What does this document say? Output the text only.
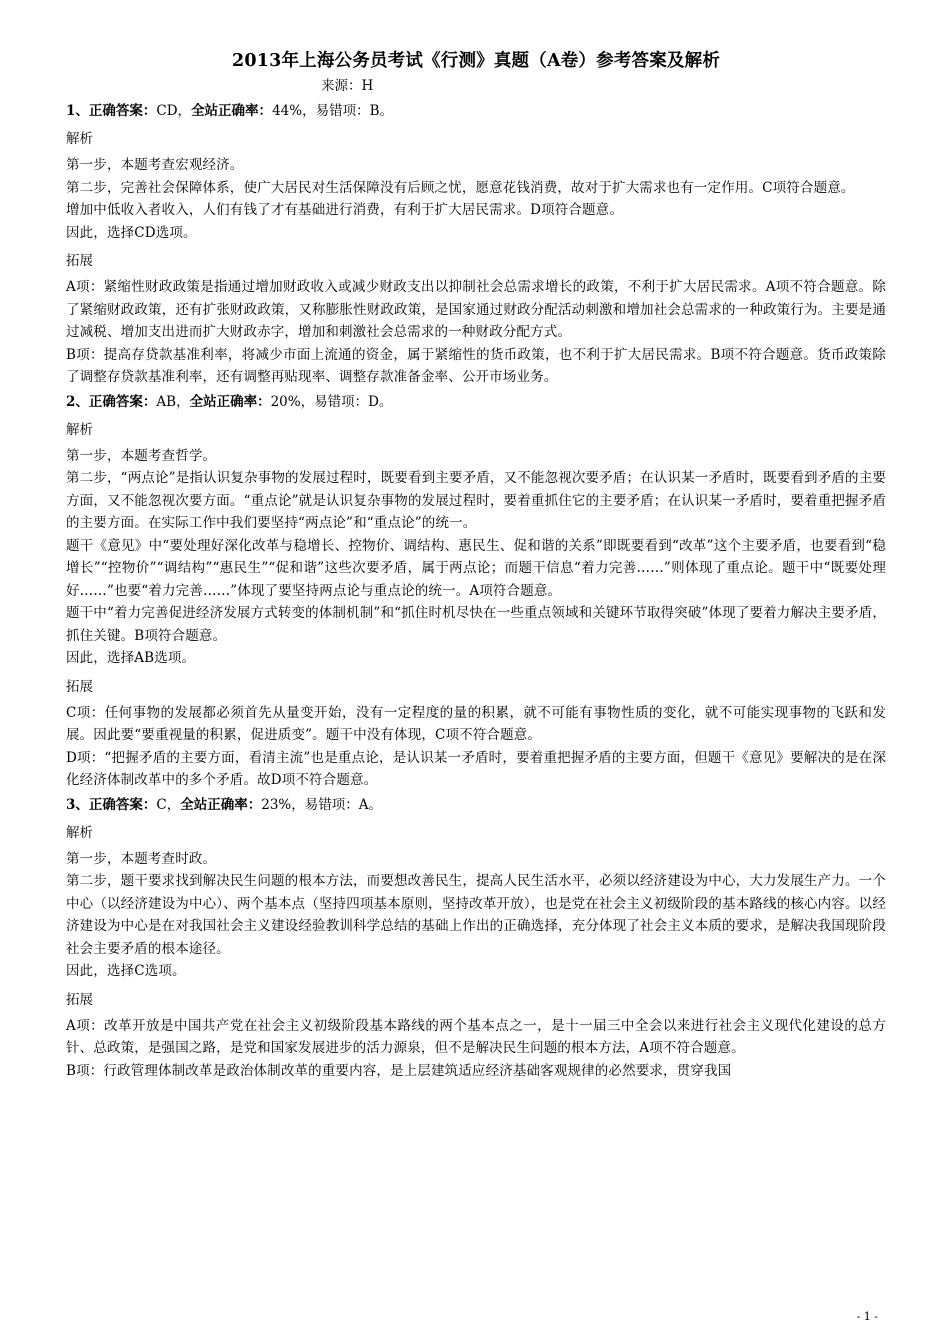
2013年上海公务员考试《行测》真题（A卷）参考答案及解析
来源：H
1、正确答案：CD，全站正确率：44%，易错项：B。
解析

第一步，本题考查宏观经济。

第二步，完善社会保障体系，使广大居民对生活保障没有后顾之忧，愿意花钱消费，故对于扩大需求也有一定作用。C项符合题意。

增加中低收入者收入，人们有钱了才有基础进行消费，有利于扩大居民需求。D项符合题意。

因此，选择CD选项。

拓展

A项：紧缩性财政政策是指通过增加财政收入或减少财政支出以抑制社会总需求增长的政策，不利于扩大居民需求。A项不符合题意。除了紧缩财政政策，还有扩张财政政策，又称膨胀性财政政策，是国家通过财政分配活动刺激和增加社会总需求的一种政策行为。主要是通过减税、增加支出进而扩大财政赤字，增加和刺激社会总需求的一种财政分配方式。

B项：提高存贷款基准利率，将减少市面上流通的资金，属于紧缩性的货币政策，也不利于扩大居民需求。B项不符合题意。货币政策除了调整存贷款基准利率，还有调整再贴现率、调整存款准备金率、公开市场业务。

2、正确答案：AB，全站正确率：20%，易错项：D。
解析

第一步，本题考查哲学。

第二步，“两点论”是指认识复杂事物的发展过程时，既要看到主要矛盾，又不能忽视次要矛盾；在认识某一矛盾时，既要看到矛盾的主要方面，又不能忽视次要方面。“重点论”就是认识复杂事物的发展过程时，要着重抓住它的主要矛盾；在认识某一矛盾时，要着重把握矛盾的主要方面。在实际工作中我们要坚持“两点论”和“重点论”的统一。

题干《意见》中“要处理好深化改革与稳增长、控物价、调结构、惠民生、促和谐的关系”即既要看到“改革”这个主要矛盾，也要看到“稳增长”“控物价”“调结构”“惠民生”“促和谐”这些次要矛盾，属于两点论；而题干信息“着力完善……”则体现了重点论。题干中“既要处理好……”也要“着力完善……”体现了要坚持两点论与重点论的统一。A项符合题意。

题干中“着力完善促进经济发展方式转变的体制机制”和“抓住时机尽快在一些重点领域和关键环节取得突破”体现了要着力解决主要矛盾，抓住关键。B项符合题意。

因此，选择AB选项。

拓展

C项：任何事物的发展都必须首先从量变开始，没有一定程度的量的积累，就不可能有事物性质的变化，就不可能实现事物的飞跃和发展。因此要“要重视量的积累，促进质变”。题干中没有体现，C项不符合题意。

D项：“把握矛盾的主要方面，看清主流”也是重点论，是认识某一矛盾时，要着重把握矛盾的主要方面，但题干《意见》要解决的是在深化经济体制改革中的多个矛盾。故D项不符合题意。

3、正确答案：C，全站正确率：23%，易错项：A。
解析

第一步，本题考查时政。

第二步，题干要求找到解决民生问题的根本方法，而要想改善民生，提高人民生活水平，必须以经济建设为中心，大力发展生产力。一个中心（以经济建设为中心）、两个基本点（坚持四项基本原则，坚持改革开放），也是党在社会主义初级阶段的基本路线的核心内容。以经济建设为中心是在对我国社会主义建设经验教训科学总结的基础上作出的正确选择，充分体现了社会主义本质的要求，是解决我国现阶段社会主要矛盾的根本途径。

因此，选择C选项。

拓展

A项：改革开放是中国共产党在社会主义初级阶段基本路线的两个基本点之一，是十一届三中全会以来进行社会主义现代化建设的总方针、总政策，是强国之路，是党和国家发展进步的活力源泉，但不是解决民生问题的根本方法，A项不符合题意。

B项：行政管理体制改革是政治体制改革的重要内容，是上层建筑适应经济基础客观规律的必然要求，贯穿我国

- 1 -
